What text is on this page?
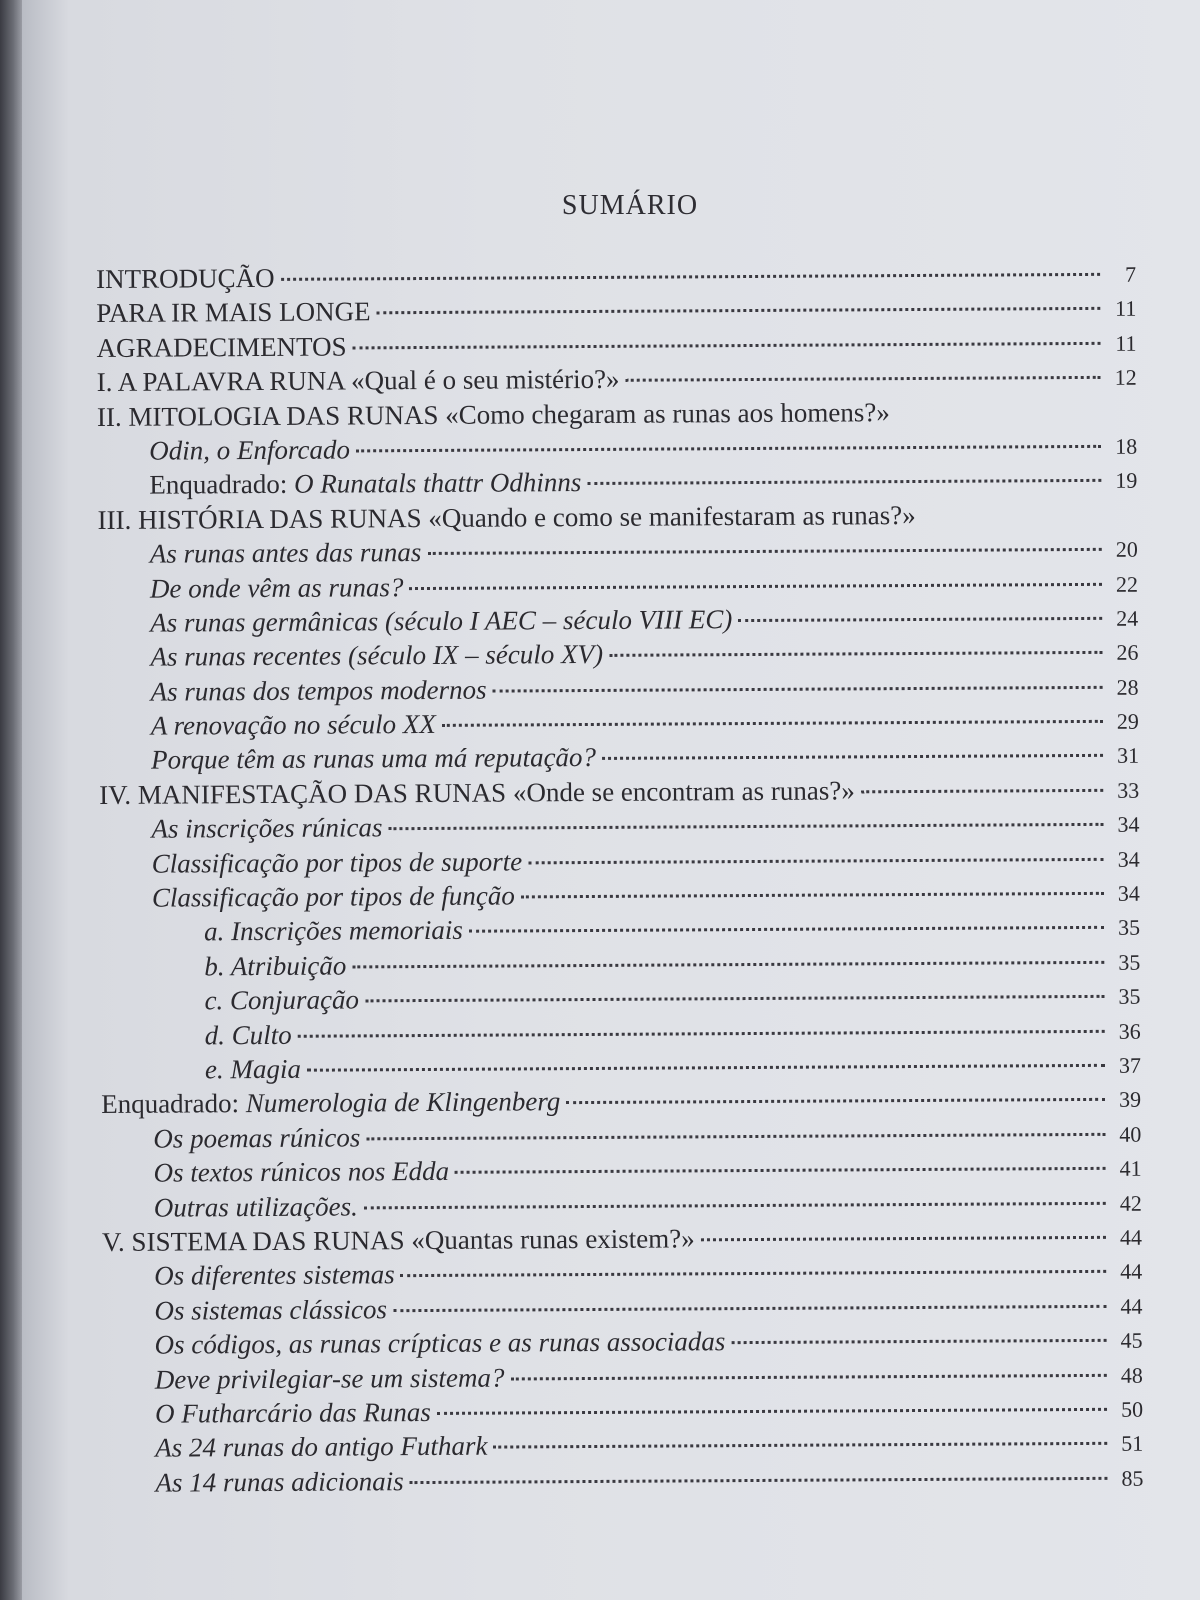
SUMÁRIO
INTRODUÇÃO	7
PARA IR MAIS LONGE	11
AGRADECIMENTOS	11
I. A PALAVRA RUNA «Qual é o seu mistério?»	12
II. MITOLOGIA DAS RUNAS «Como chegaram as runas aos homens?»
Odin, o Enforcado	18
Enquadrado: O Runatals thattr Odhinns	19
III. HISTÓRIA DAS RUNAS «Quando e como se manifestaram as runas?»
As runas antes das runas	20
De onde vêm as runas?	22
As runas germânicas (século I AEC – século VIII EC)	24
As runas recentes (século IX – século XV)	26
As runas dos tempos modernos	28
A renovação no século XX	29
Porque têm as runas uma má reputação?	31
IV. MANIFESTAÇÃO DAS RUNAS «Onde se encontram as runas?»	33
As inscrições rúnicas	34
Classificação por tipos de suporte	34
Classificação por tipos de função	34
a. Inscrições memoriais	35
b. Atribuição	35
c. Conjuração	35
d. Culto	36
e. Magia	37
Enquadrado: Numerologia de Klingenberg	39
Os poemas rúnicos	40
Os textos rúnicos nos Edda	41
Outras utilizações.	42
V. SISTEMA DAS RUNAS «Quantas runas existem?»	44
Os diferentes sistemas	44
Os sistemas clássicos	44
Os códigos, as runas crípticas e as runas associadas	45
Deve privilegiar-se um sistema?	48
O Futharcário das Runas	50
As 24 runas do antigo Futhark	51
As 14 runas adicionais	85
